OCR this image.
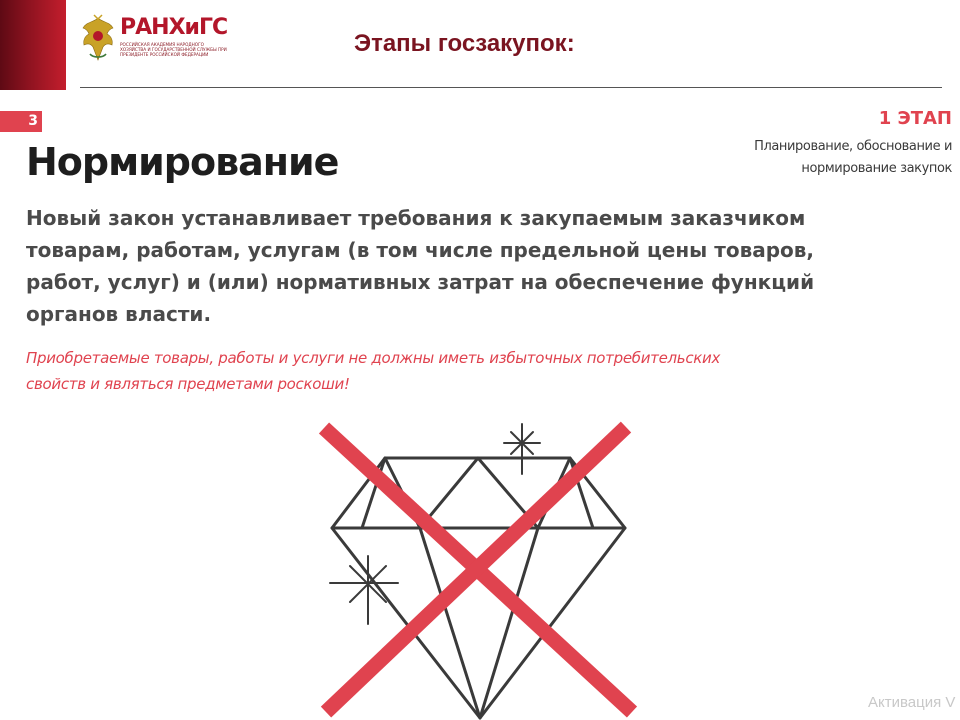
РАНХиГС
РОССИЙСКАЯ АКАДЕМИЯ НАРОДНОГО ХОЗЯЙСТВА И ГОСУДАРСТВЕННОЙ СЛУЖБЫ ПРИ ПРЕЗИДЕНТЕ РОССИЙСКОЙ ФЕДЕРАЦИИ	Этапы госзакупок:
3	1 ЭТАП
Планирование, обоснование и нормирование закупок
Нормирование
Новый закон устанавливает требования к закупаемым заказчиком товарам, работам, услугам (в том числе предельной цены товаров, работ, услуг) и (или) нормативных затрат на обеспечение функций органов власти.
Приобретаемые товары, работы и услуги не должны иметь избыточных потребительских свойств и являться предметами роскоши!
Активация V
